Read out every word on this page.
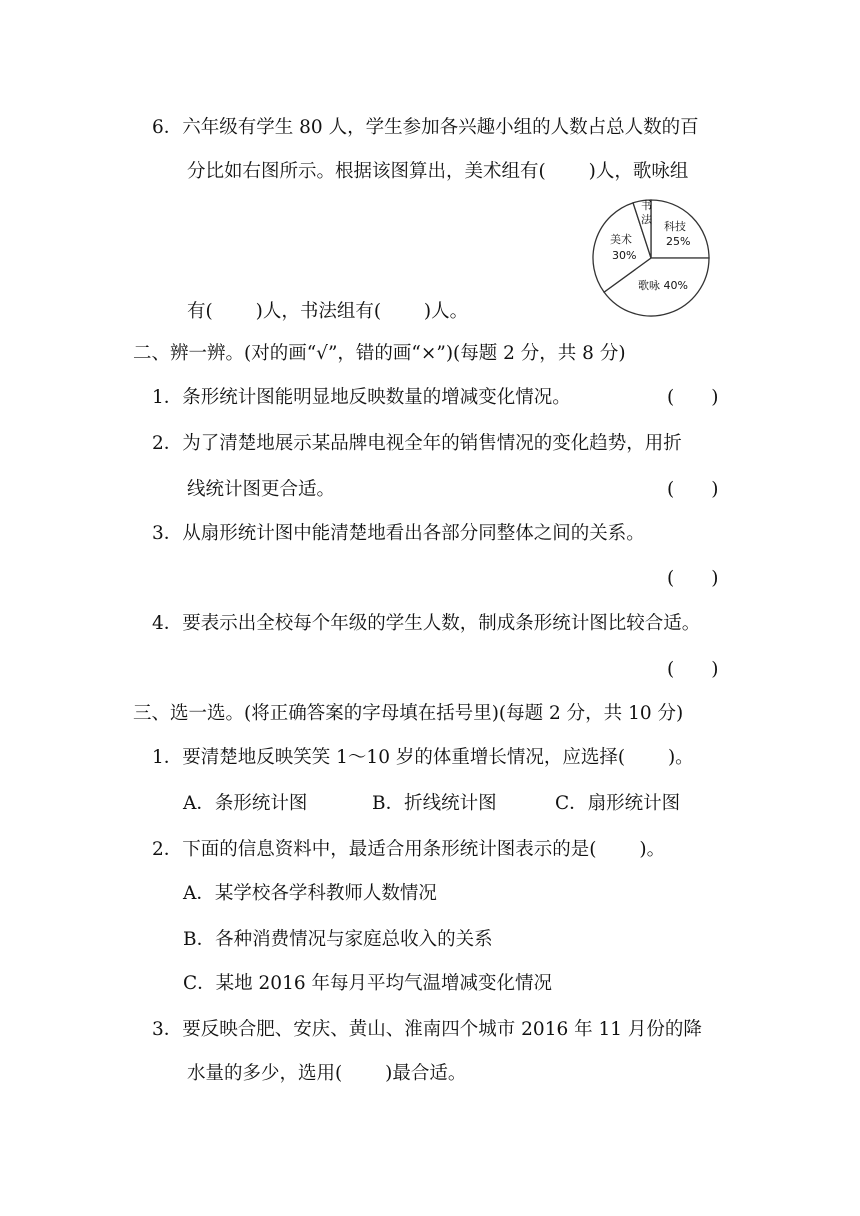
6．六年级有学生 80 人，学生参加各兴趣小组的人数占总人数的百
分比如右图所示。根据该图算出，美术组有(　　 )人，歌咏组
有(　　 )人，书法组有(　　 )人。
科技
25%
歌咏 40%
美术
30%
书
法
二、辨一辨。(对的画“√”，错的画“×”)(每题 2 分，共 8 分)
1．条形统计图能明显地反映数量的增减变化情况。	(　　)
2．为了清楚地展示某品牌电视全年的销售情况的变化趋势，用折
线统计图更合适。	(　　)
3．从扇形统计图中能清楚地看出各部分同整体之间的关系。
(　　)
4．要表示出全校每个年级的学生人数，制成条形统计图比较合适。
(　　)
三、选一选。(将正确答案的字母填在括号里)(每题 2 分，共 10 分)
1．要清楚地反映笑笑 1～10 岁的体重增长情况，应选择(　　 )。
A．条形统计图	B．折线统计图	C．扇形统计图
2．下面的信息资料中，最适合用条形统计图表示的是(　　 )。
A．某学校各学科教师人数情况
B．各种消费情况与家庭总收入的关系
C．某地 2016 年每月平均气温增减变化情况
3．要反映合肥、安庆、黄山、淮南四个城市 2016 年 11 月份的降
水量的多少，选用(　　 )最合适。
